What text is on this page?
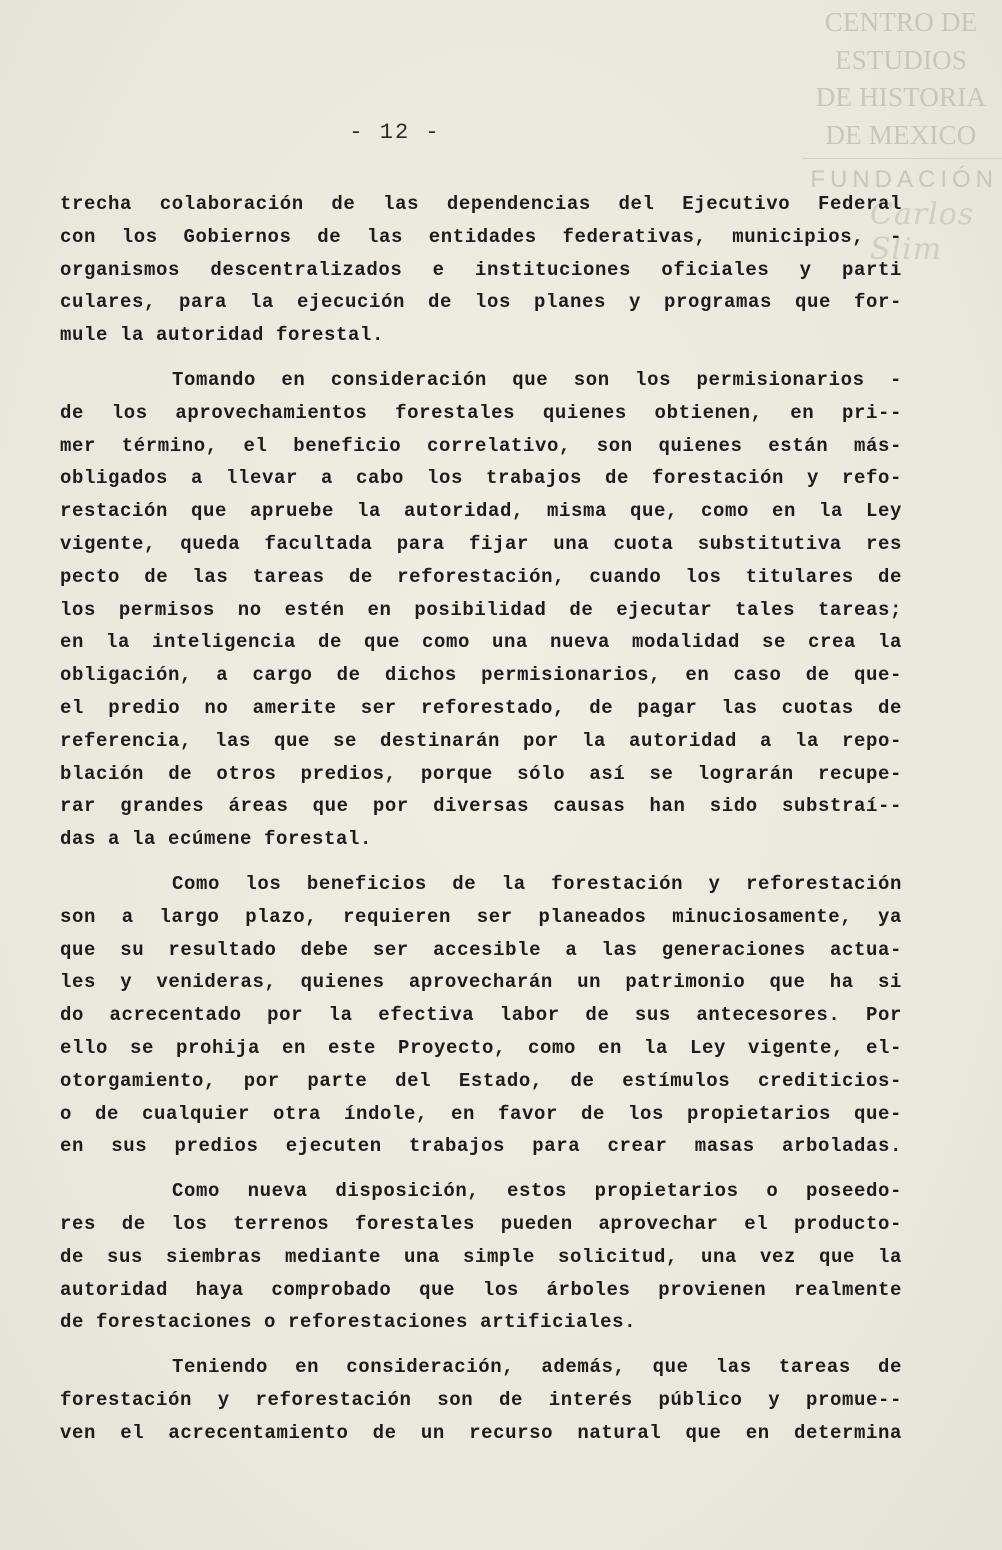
CENTRO DE
ESTUDIOS
DE HISTORIA
DE MEXICO
FUNDACIÓN
Carlos Slim
- 12 -
trecha colaboración de las dependencias del Ejecutivo Federal
con los Gobiernos de las entidades federativas, municipios, -
organismos descentralizados e instituciones oficiales y parti
culares, para la ejecución de los planes y programas que for-
mule la autoridad forestal.
Tomando en consideración que son los permisionarios -
de los aprovechamientos forestales quienes obtienen, en pri--
mer término, el beneficio correlativo, son quienes están más-
obligados a llevar a cabo los trabajos de forestación y refo-
restación que apruebe la autoridad, misma que, como en la Ley
vigente, queda facultada para fijar una cuota substitutiva res
pecto de las tareas de reforestación, cuando los titulares de
los permisos no estén en posibilidad de ejecutar tales tareas;
en la inteligencia de que como una nueva modalidad se crea la
obligación, a cargo de dichos permisionarios, en caso de que-
el predio no amerite ser reforestado, de pagar las cuotas de
referencia, las que se destinarán por la autoridad a la repo-
blación de otros predios, porque sólo así se lograrán recupe-
rar grandes áreas que por diversas causas han sido substraí--
das a la ecúmene forestal.
Como los beneficios de la forestación y reforestación
son a largo plazo, requieren ser planeados minuciosamente, ya
que su resultado debe ser accesible a las generaciones actua-
les y venideras, quienes aprovecharán un patrimonio que ha si
do acrecentado por la efectiva labor de sus antecesores. Por
ello se prohija en este Proyecto, como en la Ley vigente, el-
otorgamiento, por parte del Estado, de estímulos crediticios-
o de cualquier otra índole, en favor de los propietarios que-
en sus predios ejecuten trabajos para crear masas arboladas.
Como nueva disposición, estos propietarios o poseedo-
res de los terrenos forestales pueden aprovechar el producto-
de sus siembras mediante una simple solicitud, una vez que la
autoridad haya comprobado que los árboles provienen realmente
de forestaciones o reforestaciones artificiales.
Teniendo en consideración, además, que las tareas de
forestación y reforestación son de interés público y promue--
ven el acrecentamiento de un recurso natural que en determina
